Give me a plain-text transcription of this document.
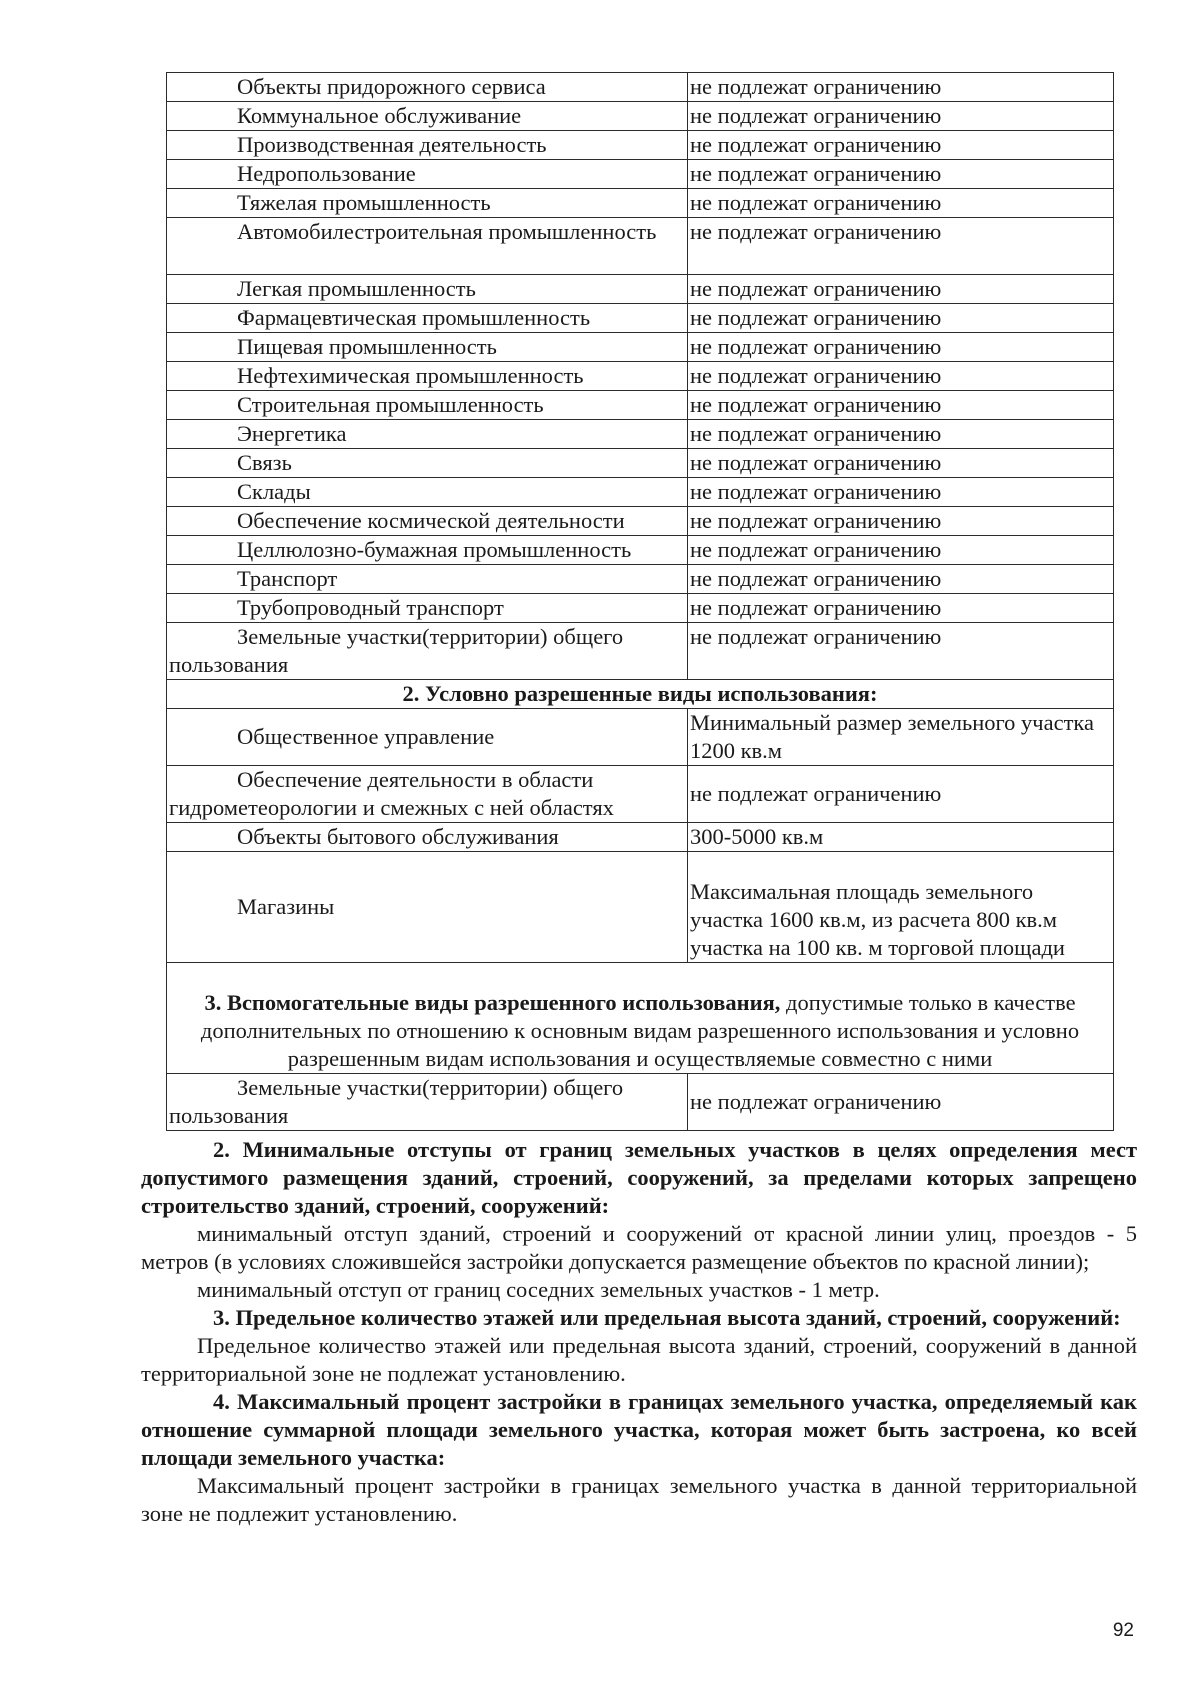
Объекты придорожного сервиса	не подлежат ограничению

Коммунальное обслуживание	не подлежат ограничению

Производственная деятельность	не подлежат ограничению

Недропользование	не подлежат ограничению

Тяжелая промышленность	не подлежат ограничению

Автомобилестроительная промышленность	не подлежат ограничению

Легкая промышленность	не подлежат ограничению

Фармацевтическая промышленность	не подлежат ограничению

Пищевая промышленность	не подлежат ограничению

Нефтехимическая промышленность	не подлежат ограничению

Строительная промышленность	не подлежат ограничению

Энергетика	не подлежат ограничению

Связь	не подлежат ограничению

Склады	не подлежат ограничению

Обеспечение космической деятельности	не подлежат ограничению

Целлюлозно-бумажная промышленность	не подлежат ограничению

Транспорт	не подлежат ограничению

Трубопроводный транспорт	не подлежат ограничению

Земельные участки(территории) общего пользования	не подлежат ограничению
2. Условно разрешенные виды использования:	

Общественное управление	Минимальный размер земельного участка 1200 кв.м

Обеспечение деятельности в области гидрометеорологии и смежных с ней областях	не подлежат ограничению

Объекты бытового обслуживания	300-5000 кв.м

Магазины	Максимальная площадь земельного участка 1600 кв.м, из расчета 800 кв.м участка на 100 кв. м торговой площади
3. Вспомогательные виды разрешенного использования, допустимые только в качестве дополнительных по отношению к основным видам разрешенного использования и условно разрешенным видам использования и осуществляемые совместно с ними	

Земельные участки(территории) общего пользования	не подлежат ограничению

2. Минимальные отступы от границ земельных участков в целях определения мест допустимого размещения зданий, строений, сооружений, за пределами которых запрещено строительство зданий, строений, сооружений:

минимальный отступ зданий, строений и сооружений от красной линии улиц, проездов - 5 метров (в условиях сложившейся застройки допускается размещение объектов по красной линии);

минимальный отступ от границ соседних земельных участков - 1 метр.

3. Предельное количество этажей или предельная высота зданий, строений, сооружений:

Предельное количество этажей или предельная высота зданий, строений, сооружений в данной территориальной зоне не подлежат установлению.

4. Максимальный процент застройки в границах земельного участка, определяемый как отношение суммарной площади земельного участка, которая может быть застроена, ко всей площади земельного участка:

Максимальный процент застройки в границах земельного участка в данной территориальной зоне не подлежит установлению.

92
